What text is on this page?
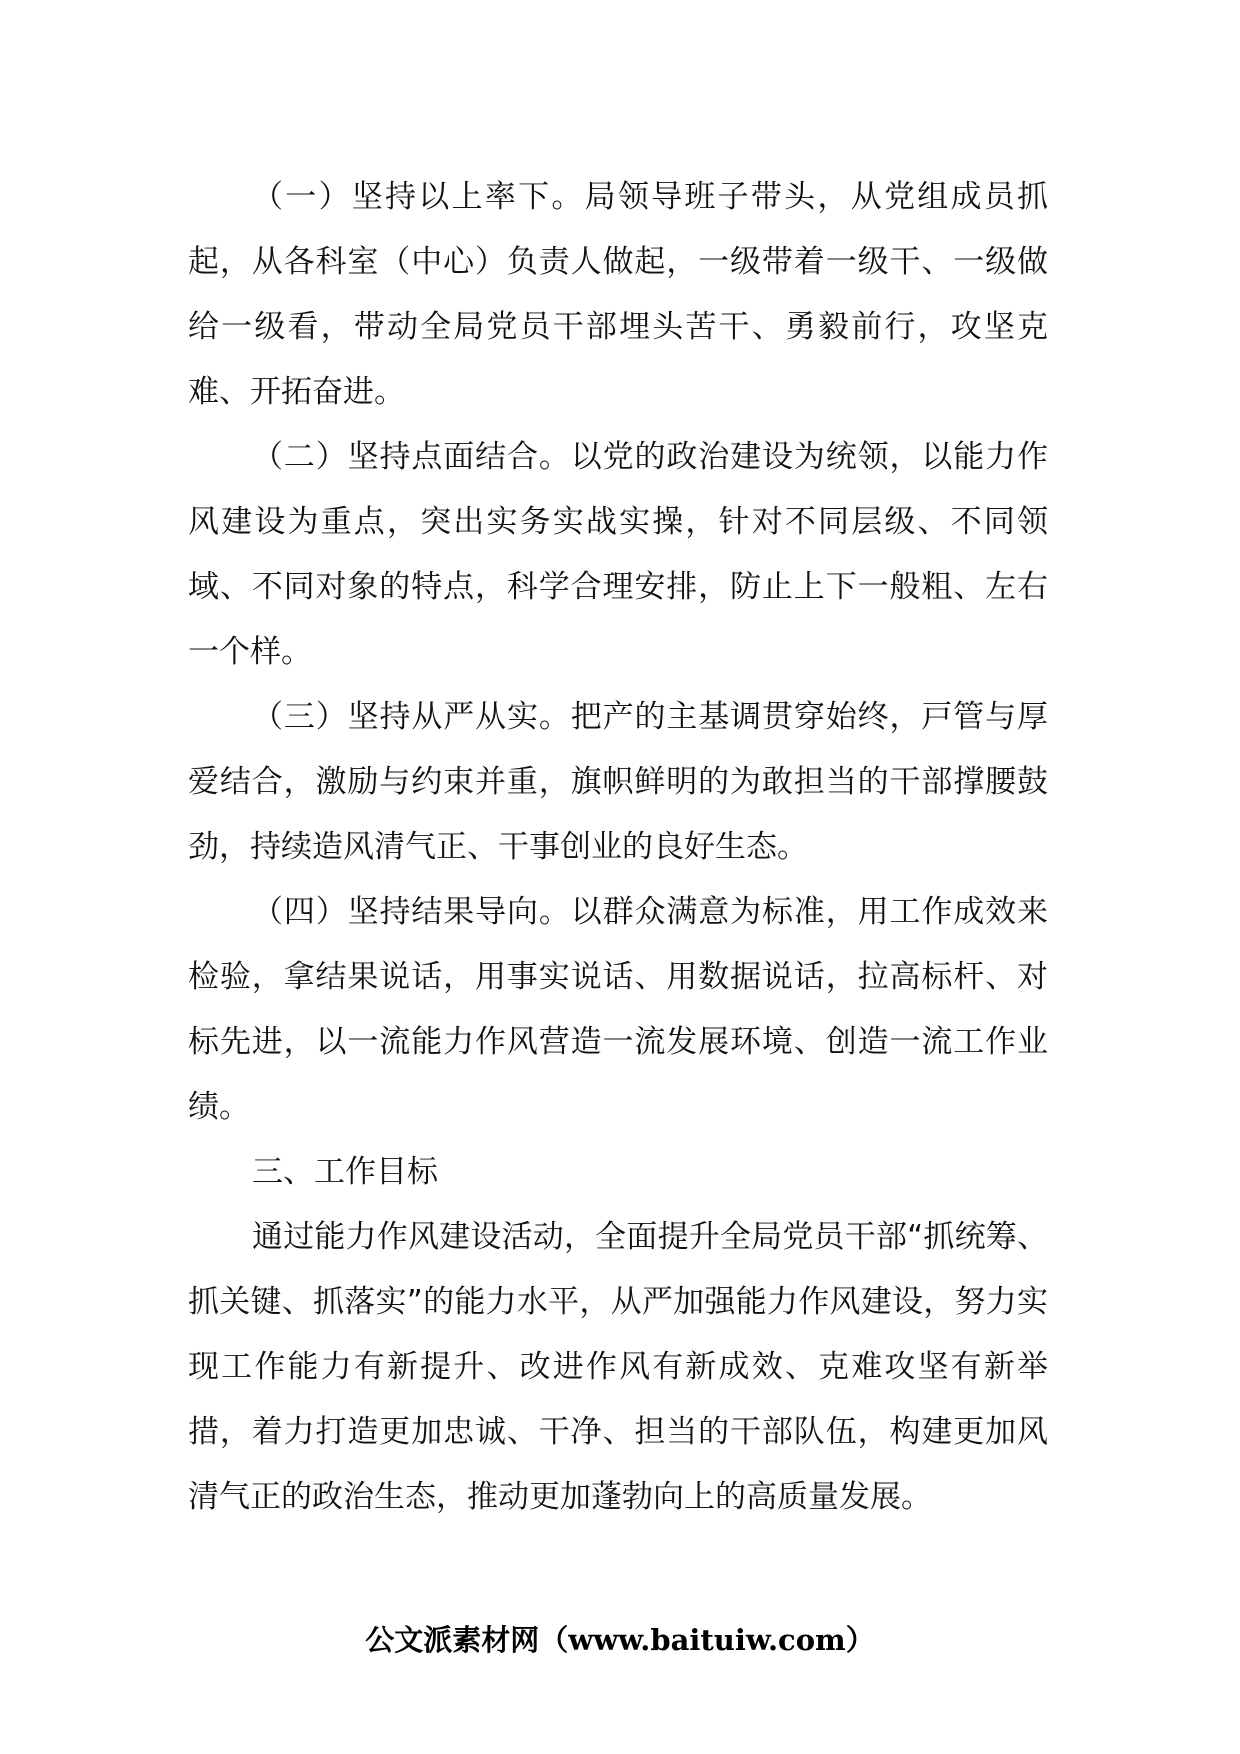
（一）坚持以上率下。局领导班子带头，从党组成员抓起，从各科室（中心）负责人做起，一级带着一级干、一级做给一级看，带动全局党员干部埋头苦干、勇毅前行，攻坚克难、开拓奋进。

（二）坚持点面结合。以党的政治建设为统领，以能力作风建设为重点，突出实务实战实操，针对不同层级、不同领域、不同对象的特点，科学合理安排，防止上下一般粗、左右一个样。

（三）坚持从严从实。把产的主基调贯穿始终，戸管与厚爱结合，激励与约束并重，旗帜鲜明的为敢担当的干部撑腰鼓劲，持续造风清气正、干事创业的良好生态。

（四）坚持结果导向。以群众满意为标准，用工作成效来检验，拿结果说话，用事实说话、用数据说话，拉高标杆、对标先进，以一流能力作风营造一流发展环境、创造一流工作业绩。

三、工作目标

通过能力作风建设活动，全面提升全局党员干部“抓统筹、抓关键、抓落实”的能力水平，从严加强能力作风建设，努力实现工作能力有新提升、改进作风有新成效、克难攻坚有新举措，着力打造更加忠诚、干净、担当的干部队伍，构建更加风清气正的政治生态，推动更加蓬勃向上的高质量发展。

公文派素材网（www.baituiw.com）
